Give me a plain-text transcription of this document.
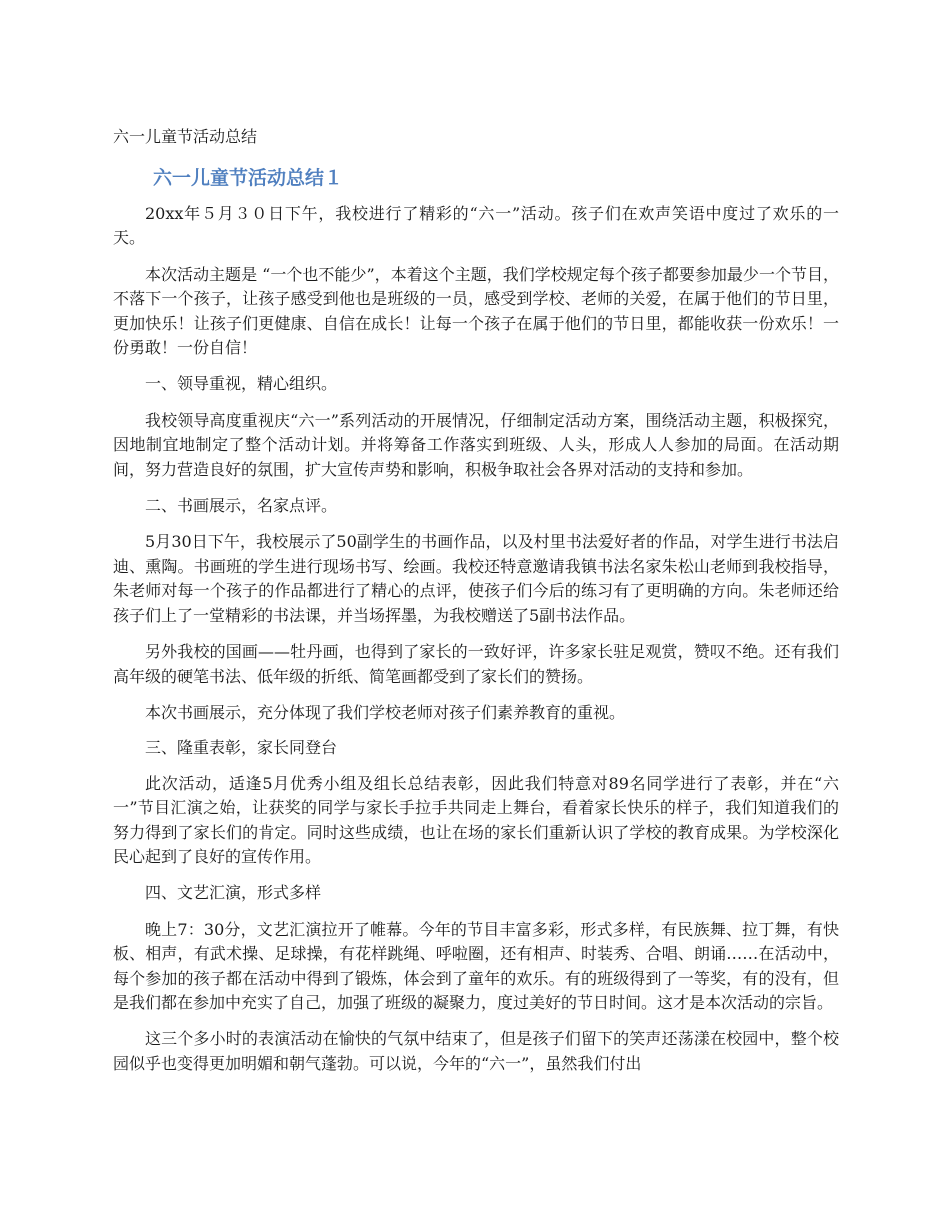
六一儿童节活动总结
六一儿童节活动总结１

20xx年５月３０日下午，我校进行了精彩的“六一”活动。孩子们在欢声笑语中度过了欢乐的一天。

本次活动主题是 “一个也不能少”，本着这个主题，我们学校规定每个孩子都要参加最少一个节目，不落下一个孩子，让孩子感受到他也是班级的一员，感受到学校、老师的关爱，在属于他们的节日里，更加快乐！让孩子们更健康、自信在成长！让每一个孩子在属于他们的节日里，都能收获一份欢乐！一份勇敢！一份自信！

一、领导重视，精心组织。

我校领导高度重视庆“六一”系列活动的开展情况，仔细制定活动方案，围绕活动主题，积极探究，因地制宜地制定了整个活动计划。并将筹备工作落实到班级、人头，形成人人参加的局面。在活动期间，努力营造良好的氛围，扩大宣传声势和影响，积极争取社会各界对活动的支持和参加。

二、书画展示，名家点评。

5月30日下午，我校展示了50副学生的书画作品，以及村里书法爱好者的作品，对学生进行书法启迪、熏陶。书画班的学生进行现场书写、绘画。我校还特意邀请我镇书法名家朱松山老师到我校指导，朱老师对每一个孩子的作品都进行了精心的点评，使孩子们今后的练习有了更明确的方向。朱老师还给孩子们上了一堂精彩的书法课，并当场挥墨，为我校赠送了5副书法作品。

另外我校的国画——牡丹画，也得到了家长的一致好评，许多家长驻足观赏，赞叹不绝。还有我们高年级的硬笔书法、低年级的折纸、简笔画都受到了家长们的赞扬。

本次书画展示，充分体现了我们学校老师对孩子们素养教育的重视。

三、隆重表彰，家长同登台

此次活动，适逢5月优秀小组及组长总结表彰，因此我们特意对89名同学进行了表彰，并在“六一”节目汇演之始，让获奖的同学与家长手拉手共同走上舞台，看着家长快乐的样子，我们知道我们的努力得到了家长们的肯定。同时这些成绩，也让在场的家长们重新认识了学校的教育成果。为学校深化民心起到了良好的宣传作用。

四、文艺汇演，形式多样

晚上7：30分，文艺汇演拉开了帷幕。今年的节目丰富多彩，形式多样，有民族舞、拉丁舞，有快板、相声，有武术操、足球操，有花样跳绳、呼啦圈，还有相声、时装秀、合唱、朗诵……在活动中，每个参加的孩子都在活动中得到了锻炼，体会到了童年的欢乐。有的班级得到了一等奖，有的没有，但是我们都在参加中充实了自己，加强了班级的凝聚力，度过美好的节日时间。这才是本次活动的宗旨。

这三个多小时的表演活动在愉快的气氛中结束了，但是孩子们留下的笑声还荡漾在校园中，整个校园似乎也变得更加明媚和朝气蓬勃。可以说，今年的“六一”，虽然我们付出
